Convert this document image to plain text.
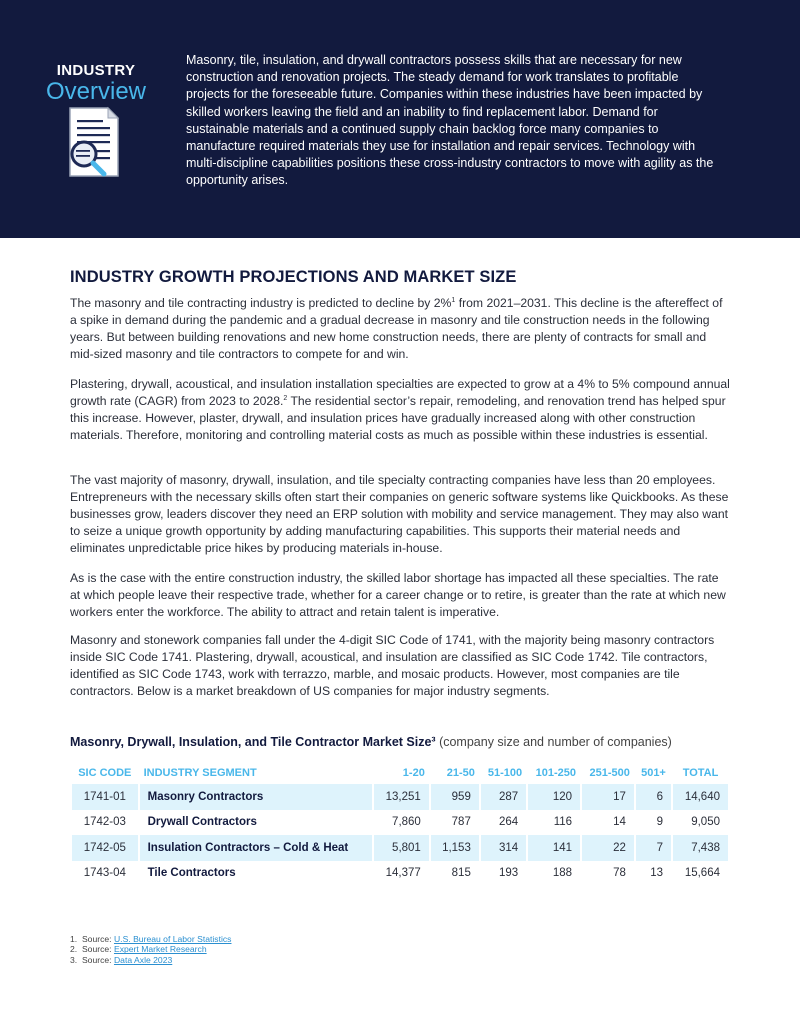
INDUSTRY
Overview

Masonry, tile, insulation, and drywall contractors possess skills that are necessary for new construction and renovation projects. The steady demand for work translates to profitable projects for the foreseeable future. Companies within these industries have been impacted by skilled workers leaving the field and an inability to find replacement labor. Demand for sustainable materials and a continued supply chain backlog force many companies to manufacture required materials they use for installation and repair services. Technology with multi-discipline capabilities positions these cross-industry contractors to move with agility as the opportunity arises.

INDUSTRY GROWTH PROJECTIONS AND MARKET SIZE

The masonry and tile contracting industry is predicted to decline by 2%$^1$ from 2021–2031. This decline is the aftereffect of a spike in demand during the pandemic and a gradual decrease in masonry and tile construction needs in the following years. But between building renovations and new home construction needs, there are plenty of contracts for small and mid-sized masonry and tile contractors to compete for and win.

Plastering, drywall, acoustical, and insulation installation specialties are expected to grow at a 4% to 5% compound annual growth rate (CAGR) from 2023 to 2028.$^2$ The residential sector’s repair, remodeling, and renovation trend has helped spur this increase. However, plaster, drywall, and insulation prices have gradually increased along with other construction materials. Therefore, monitoring and controlling material costs as much as possible within these industries is essential.

The vast majority of masonry, drywall, insulation, and tile specialty contracting companies have less than 20 employees. Entrepreneurs with the necessary skills often start their companies on generic software systems like Quickbooks. As these businesses grow, leaders discover they need an ERP solution with mobility and service management. They may also want to seize a unique growth opportunity by adding manufacturing capabilities. This supports their material needs and eliminates unpredictable price hikes by producing materials in-house.

As is the case with the entire construction industry, the skilled labor shortage has impacted all these specialties. The rate at which people leave their respective trade, whether for a career change or to retire, is greater than the rate at which new workers enter the workforce. The ability to attract and retain talent is imperative.

Masonry and stonework companies fall under the 4-digit SIC Code of 1741, with the majority being masonry contractors inside SIC Code 1741. Plastering, drywall, acoustical, and insulation are classified as SIC Code 1742. Tile contractors, identified as SIC Code 1743, work with terrazzo, marble, and mosaic products. However, most companies are tile contractors. Below is a market breakdown of US companies for major industry segments.

Masonry, Drywall, Insulation, and Tile Contractor Market Size³ (company size and number of companies)

SIC CODE	INDUSTRY SEGMENT	1-20	21-50	51-100	101-250	251-500	501+	TOTAL
1741-01	Masonry Contractors	13,251	959	287	120	17	6	14,640
1742-03	Drywall Contractors	7,860	787	264	116	14	9	9,050
1742-05	Insulation Contractors – Cold & Heat	5,801	1,153	314	141	22	7	7,438
1743-04	Tile Contractors	14,377	815	193	188	78	13	15,664
1. Source: U.S. Bureau of Labor Statistics
2. Source: Expert Market Research
3. Source: Data Axle 2023
